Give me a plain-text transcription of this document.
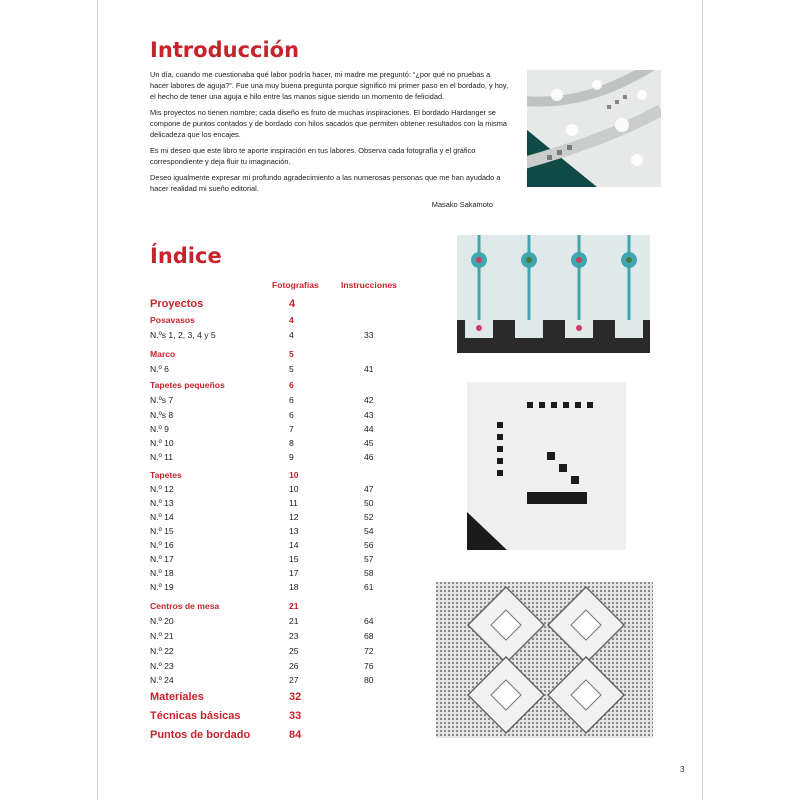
Introducción

Un día, cuando me cuestionaba qué labor podría hacer, mi madre me preguntó: “¿por qué no pruebas a hacer labores de aguja?”. Fue una muy buena pregunta porque significó mi primer paso en el bordado, y hoy, el hecho de tener una aguja e hilo entre las manos sigue siendo un momento de felicidad.

Mis proyectos no tienen nombre; cada diseño es fruto de muchas inspiraciones. El bordado Hardanger se compone de puntos contados y de bordado con hilos sacados que permiten obtener resultados con la misma delicadeza que los encajes.

Es mi deseo que este libro te aporte inspiración en tus labores. Observa cada fotografía y el gráfico correspondiente y deja fluir tu imaginación.

Deseo igualmente expresar mi profundo agradecimiento a las numerosas personas que me han ayudado a hacer realidad mi sueño editorial.

Masako Sakamoto
Índice
Fotografías	Instrucciones
Proyectos	4
Posavasos	4
N.ºs 1, 2, 3, 4 y 5	4	33
Marco	5
N.º 6	5	41
Tapetes pequeños	6
N.ºs 7	6	42
N.ºs 8	6	43
N.º 9	7	44
N.º 10	8	45
N.º 11	9	46
Tapetes	10
N.º 12	10	47
N.º 13	11	50
N.º 14	12	52
N.º 15	13	54
N.º 16	14	56
N.º 17	15	57
N.º 18	17	58
N.º 19	18	61
Centros de mesa	21
N.º 20	21	64
N.º 21	23	68
N.º 22	25	72
N.º 23	26	76
N.º 24	27	80
Materiales	32
Técnicas básicas	33
Puntos de bordado	84
3
